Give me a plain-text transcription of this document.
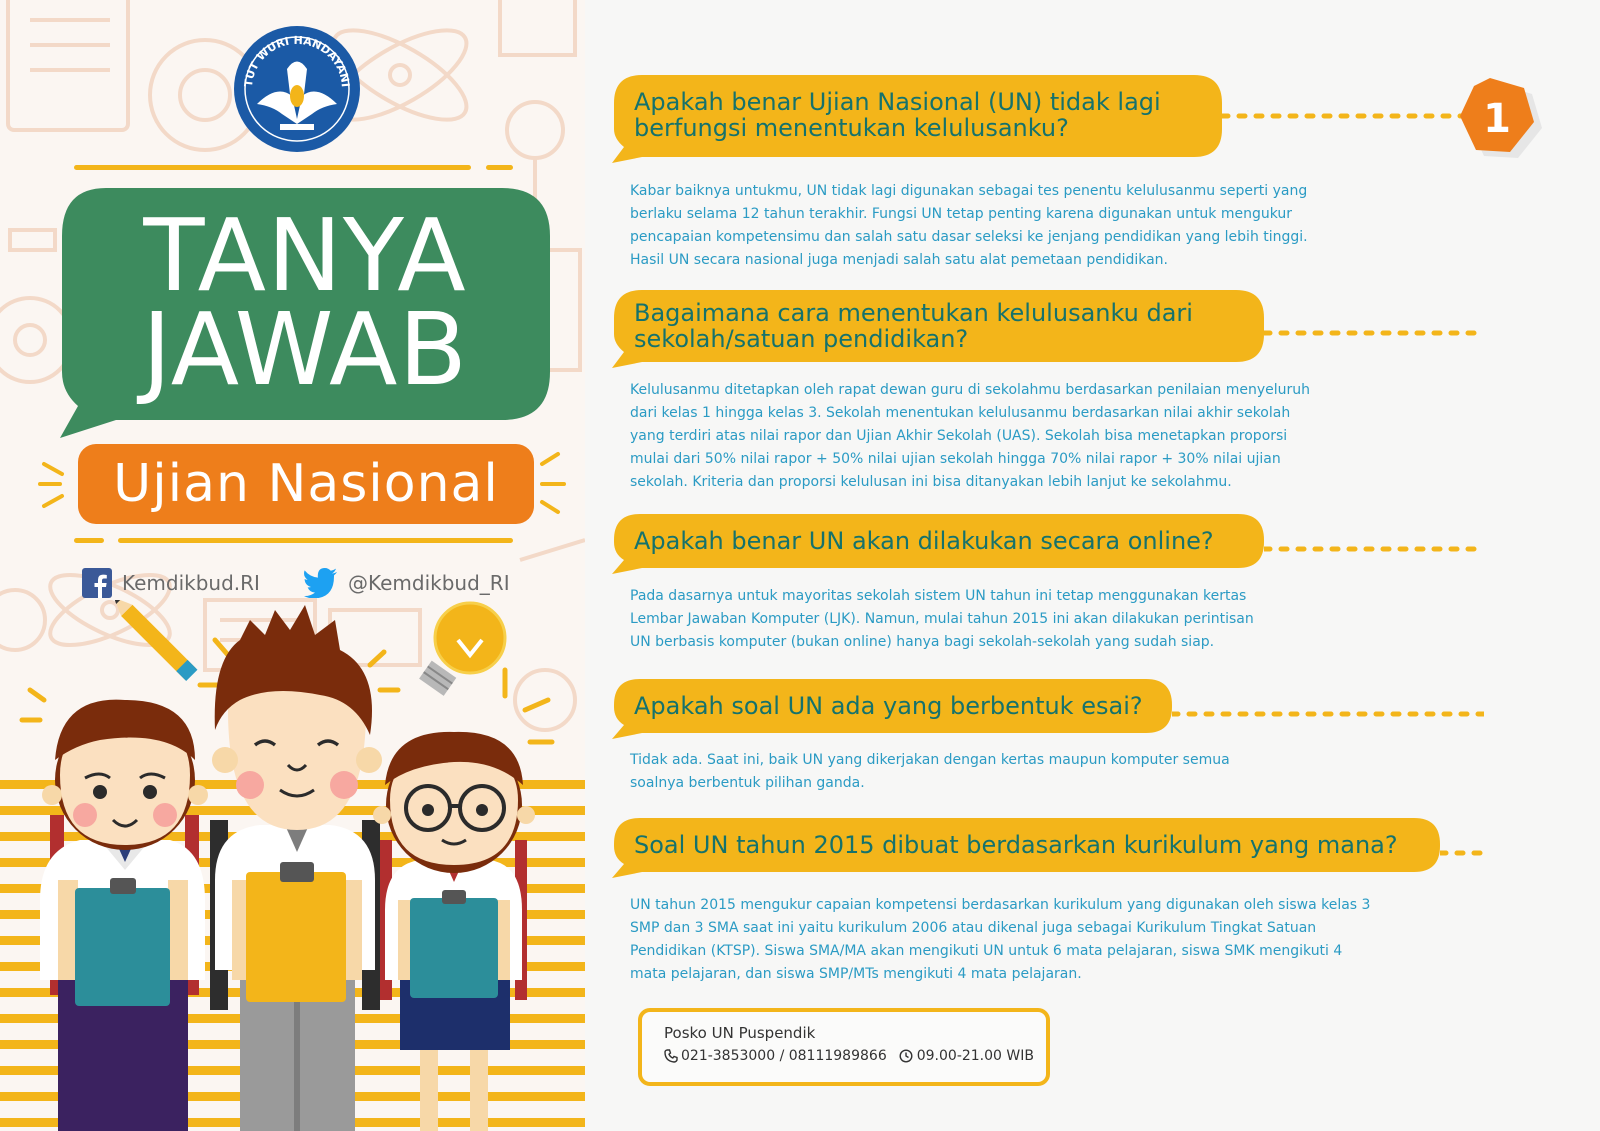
TUT WURI HANDAYANI
TANYA
JAWAB
Ujian Nasional
Kemdikbud.RI	@Kemdikbud_RI
Apakah benar Ujian Nasional (UN) tidak lagi
berfungsi menentukan kelulusanku?	1
Kabar baiknya untukmu, UN tidak lagi digunakan sebagai tes penentu kelulusanmu seperti yang
berlaku selama 12 tahun terakhir. Fungsi UN tetap penting karena digunakan untuk mengukur
pencapaian kompetensimu dan salah satu dasar seleksi ke jenjang pendidikan yang lebih tinggi.
Hasil UN secara nasional juga menjadi salah satu alat pemetaan pendidikan.
Bagaimana cara menentukan kelulusanku dari
sekolah/satuan pendidikan?
Kelulusanmu ditetapkan oleh rapat dewan guru di sekolahmu berdasarkan penilaian menyeluruh
dari kelas 1 hingga kelas 3. Sekolah menentukan kelulusanmu berdasarkan nilai akhir sekolah
yang terdiri atas nilai rapor dan Ujian Akhir Sekolah (UAS). Sekolah bisa menetapkan proporsi
mulai dari 50% nilai rapor + 50% nilai ujian sekolah hingga 70% nilai rapor + 30% nilai ujian
sekolah. Kriteria dan proporsi kelulusan ini bisa ditanyakan lebih lanjut ke sekolahmu.
Apakah benar UN akan dilakukan secara online?
Pada dasarnya untuk mayoritas sekolah sistem UN tahun ini tetap menggunakan kertas
Lembar Jawaban Komputer (LJK). Namun, mulai tahun 2015 ini akan dilakukan perintisan
UN berbasis komputer (bukan online) hanya bagi sekolah-sekolah yang sudah siap.
Apakah soal UN ada yang berbentuk esai?
Tidak ada. Saat ini, baik UN yang dikerjakan dengan kertas maupun komputer semua
soalnya berbentuk pilihan ganda.
Soal UN tahun 2015 dibuat berdasarkan kurikulum yang mana?
UN tahun 2015 mengukur capaian kompetensi berdasarkan kurikulum yang digunakan oleh siswa kelas 3
SMP dan 3 SMA saat ini yaitu kurikulum 2006 atau dikenal juga sebagai Kurikulum Tingkat Satuan
Pendidikan (KTSP). Siswa SMA/MA akan mengikuti UN untuk 6 mata pelajaran, siswa SMK mengikuti 4
mata pelajaran, dan siswa SMP/MTs mengikuti 4 mata pelajaran.
Posko UN Puspendik
021-3853000 / 08111989866 09.00-21.00 WIB
